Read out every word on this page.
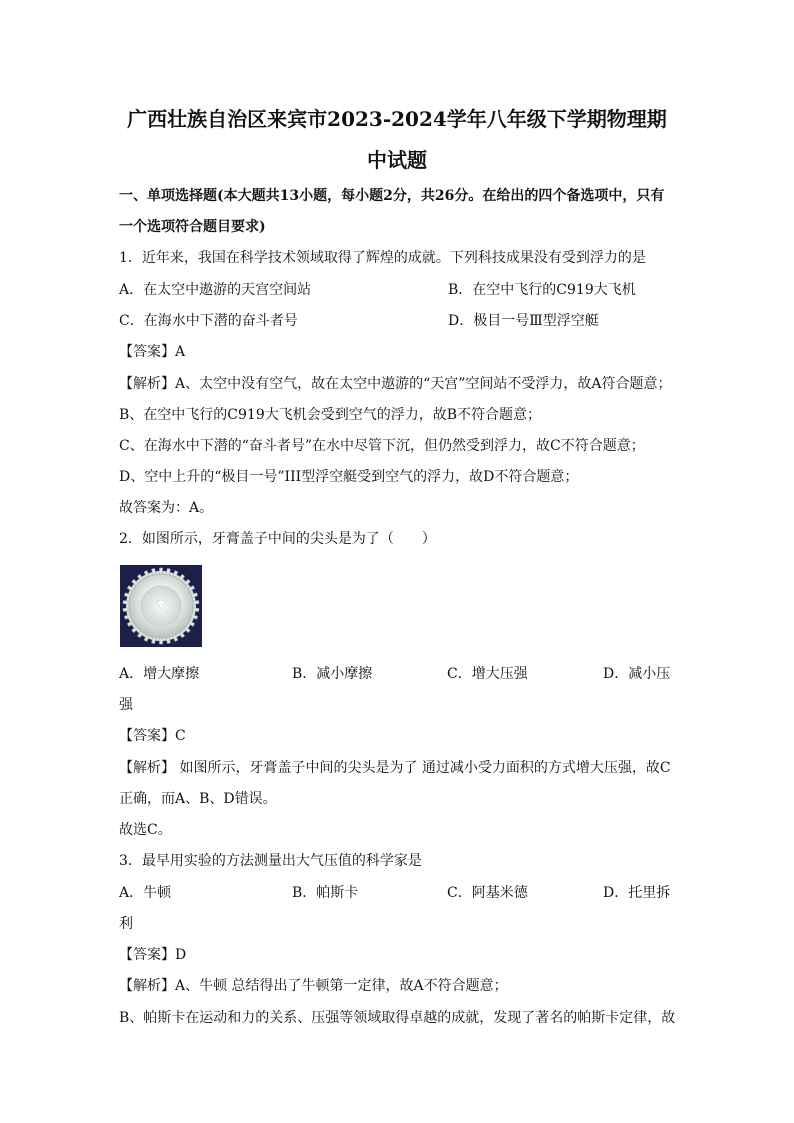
广西壮族自治区来宾市2023-2024学年八年级下学期物理期
中试题
一、单项选择题(本大题共13小题，每小题2分，共26分。在给出的四个备选项中，只有
一个选项符合题目要求)
1．近年来，我国在科学技术领域取得了辉煌的成就。下列科技成果没有受到浮力的是
A．在太空中遨游的天宫空间站	B．在空中飞行的C919大飞机
C．在海水中下潜的奋斗者号	D．极目一号Ⅲ型浮空艇
【答案】A
【解析】A、太空中没有空气，故在太空中遨游的“天宫”空间站不受浮力，故A符合题意；
B、在空中飞行的C919大飞机会受到空气的浮力，故B不符合题意；
C、在海水中下潜的“奋斗者号”在水中尽管下沉，但仍然受到浮力，故C不符合题意；
D、空中上升的“极目一号”III型浮空艇受到空气的浮力，故D不符合题意；
故答案为：A。
2．如图所示，牙膏盖子中间的尖头是为了（　　）
A．增大摩擦	B．减小摩擦	C．增大压强	D．减小压
强
【答案】C
【解析】 如图所示，牙膏盖子中间的尖头是为了 通过减小受力面积的方式增大压强，故C
正确，而A、B、D错误。
故选C。
3．最早用实验的方法测量出大气压值的科学家是
A．牛顿	B．帕斯卡	C．阿基米德	D．托里拆
利
【答案】D
【解析】A、牛顿 总结得出了牛顿第一定律，故A不符合题意；
B、帕斯卡在运动和力的关系、压强等领域取得卓越的成就，发现了著名的帕斯卡定律，故
